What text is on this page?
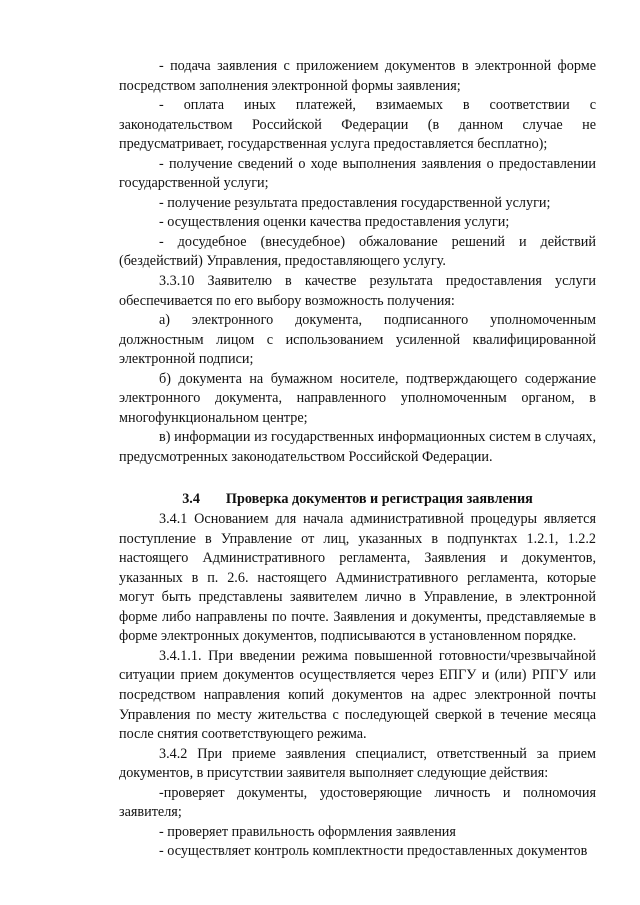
- подача заявления с приложением документов в электронной форме посредством заполнения электронной формы заявления;

- оплата иных платежей, взимаемых в соответствии с законодательством Российской Федерации (в данном случае не предусматривает, государственная услуга предоставляется бесплатно);

- получение сведений о ходе выполнения заявления о предоставлении государственной услуги;

- получение результата предоставления государственной услуги;

- осуществления оценки качества предоставления услуги;

- досудебное (внесудебное) обжалование решений и действий (бездействий) Управления, предоставляющего услугу.

3.3.10 Заявителю в качестве результата предоставления услуги обеспечивается по его выбору возможность получения:

а) электронного документа, подписанного уполномоченным должностным лицом с использованием усиленной квалифицированной электронной подписи;

б) документа на бумажном носителе, подтверждающего содержание электронного документа, направленного уполномоченным органом, в многофункциональном центре;

в) информации из государственных информационных систем в случаях, предусмотренных законодательством Российской Федерации.

3.4 Проверка документов и регистрация заявления

3.4.1 Основанием для начала административной процедуры является поступление в Управление от лиц, указанных в подпунктах 1.2.1, 1.2.2 настоящего Административного регламента, Заявления и документов, указанных в п. 2.6. настоящего Административного регламента, которые могут быть представлены заявителем лично в Управление, в электронной форме либо направлены по почте. Заявления и документы, представляемые в форме электронных документов, подписываются в установленном порядке.

3.4.1.1. При введении режима повышенной готовности/чрезвычайной ситуации прием документов осуществляется через ЕПГУ и (или) РПГУ или посредством направления копий документов на адрес электронной почты Управления по месту жительства с последующей сверкой в течение месяца после снятия соответствующего режима.

3.4.2 При приеме заявления специалист, ответственный за прием документов, в присутствии заявителя выполняет следующие действия:

-проверяет документы, удостоверяющие личность и полномочия заявителя;

- проверяет правильность оформления заявления

- осуществляет контроль комплектности предоставленных документов
